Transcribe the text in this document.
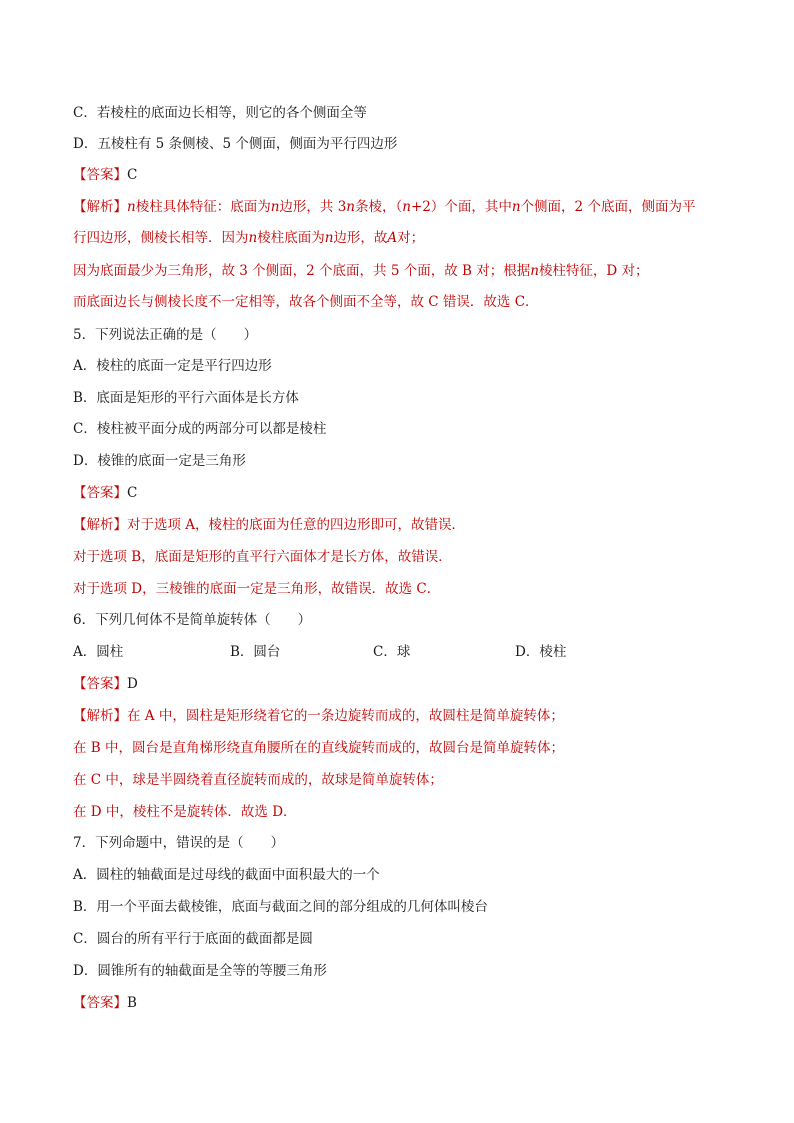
A．圆柱	B．圆台	C．球	D．棱柱
C．若棱柱的底面边长相等，则它的各个侧面全等
D．五棱柱有 5 条侧棱、5 个侧面，侧面为平行四边形
【答案】C
【解析】n棱柱具体特征：底面为n边形，共 3n条棱，（n+2）个面，其中n个侧面，2 个底面，侧面为平
行四边形，侧棱长相等．因为n棱柱底面为n边形，故A对；
因为底面最少为三角形，故 3 个侧面，2 个底面，共 5 个面，故 B 对；根据n棱柱特征，D 对；
而底面边长与侧棱长度不一定相等，故各个侧面不全等，故 C 错误．故选 C．
5．下列说法正确的是（　　）
A．棱柱的底面一定是平行四边形
B．底面是矩形的平行六面体是长方体
C．棱柱被平面分成的两部分可以都是棱柱
D．棱锥的底面一定是三角形
【答案】C
【解析】对于选项 A，棱柱的底面为任意的四边形即可，故错误．
对于选项 B，底面是矩形的直平行六面体才是长方体，故错误．
对于选项 D，三棱锥的底面一定是三角形，故错误．故选 C．
6．下列几何体不是简单旋转体（　　）
【答案】D
【解析】在 A 中，圆柱是矩形绕着它的一条边旋转而成的，故圆柱是简单旋转体；
在 B 中，圆台是直角梯形绕直角腰所在的直线旋转而成的，故圆台是简单旋转体；
在 C 中，球是半圆绕着直径旋转而成的，故球是简单旋转体；
在 D 中，棱柱不是旋转体．故选 D．
7．下列命题中，错误的是（　　）
A．圆柱的轴截面是过母线的截面中面积最大的一个
B．用一个平面去截棱锥，底面与截面之间的部分组成的几何体叫棱台
C．圆台的所有平行于底面的截面都是圆
D．圆锥所有的轴截面是全等的等腰三角形
【答案】B
